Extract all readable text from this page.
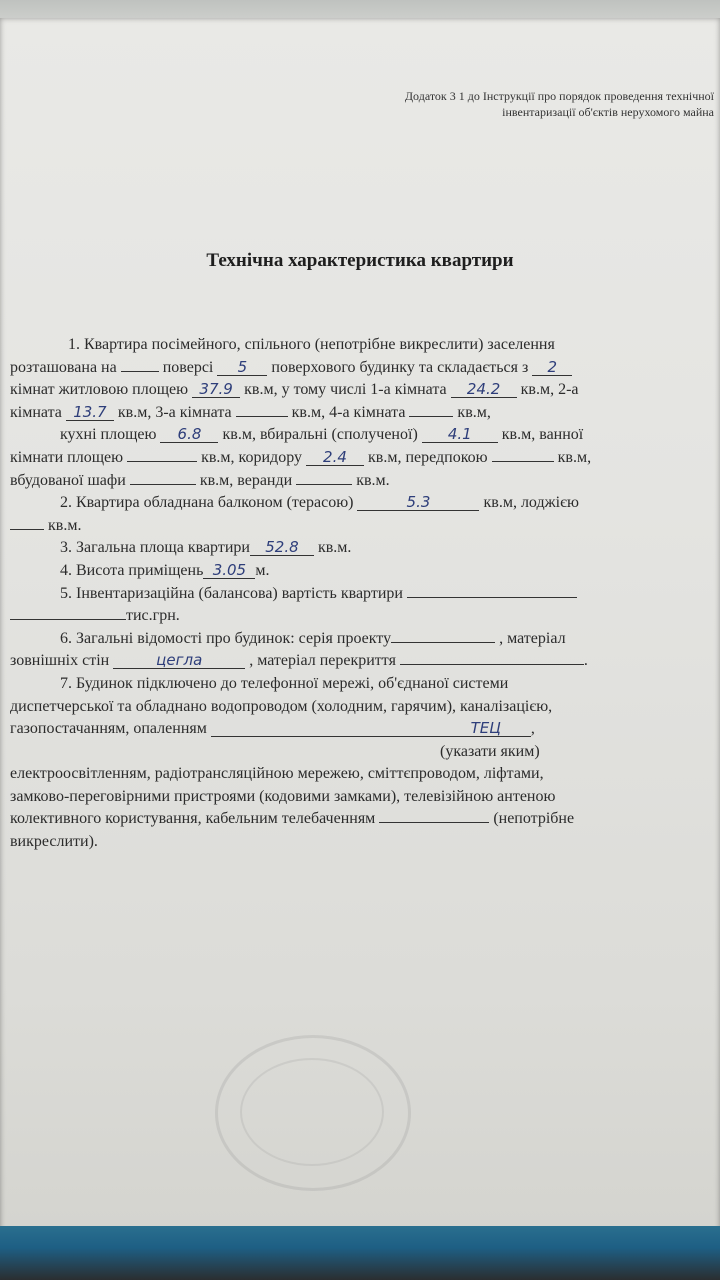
Додаток 3 1 до Інструкції про порядок проведення технічної
інвентаризації об'єктів нерухомого майна
Технічна характеристика квартири
1. Квартира посімейного, спільного (непотрібне викреслити) заселення
розташована на	поверсі 5 поверхового будинку та складається з 2
кімнат житловою площею 37.9 кв.м, у тому числі 1-а кімната 24.2 кв.м, 2-а
кімната 13.7 кв.м, 3-а кімната	кв.м, 4-а кімната	кв.м,
кухні площею 6.8 кв.м, вбиральні (сполученої) 4.1 кв.м, ванної
кімнати площею	кв.м, коридору 2.4 кв.м, передпокою	кв.м,
вбудованої шафи	кв.м, веранди	кв.м.
2. Квартира обладнана балконом (терасою)	5.3	кв.м, лоджією
кв.м.
3. Загальна площа квартири 52.8 кв.м.
4. Висота приміщень 3.05 м.
5. Інвентаризаційна (балансова) вартість квартири
тис.грн.
6. Загальні відомості про будинок: серія проекту	, матеріал
зовнішніх стін	цегла	, матеріал перекриття	.
7. Будинок підключено до телефонної мережі, об'єднаної системи
диспетчерської та обладнано водопроводом (холодним, гарячим), каналізацією,
газопостачанням, опаленням	ТЕЦ ,
(указати яким)
електроосвітленням, радіотрансляційною мережею, сміттєпроводом, ліфтами,
замково-переговірними пристроями (кодовими замками), телевізійною антеною
колективного користування, кабельним телебаченням	(непотрібне
викреслити).
